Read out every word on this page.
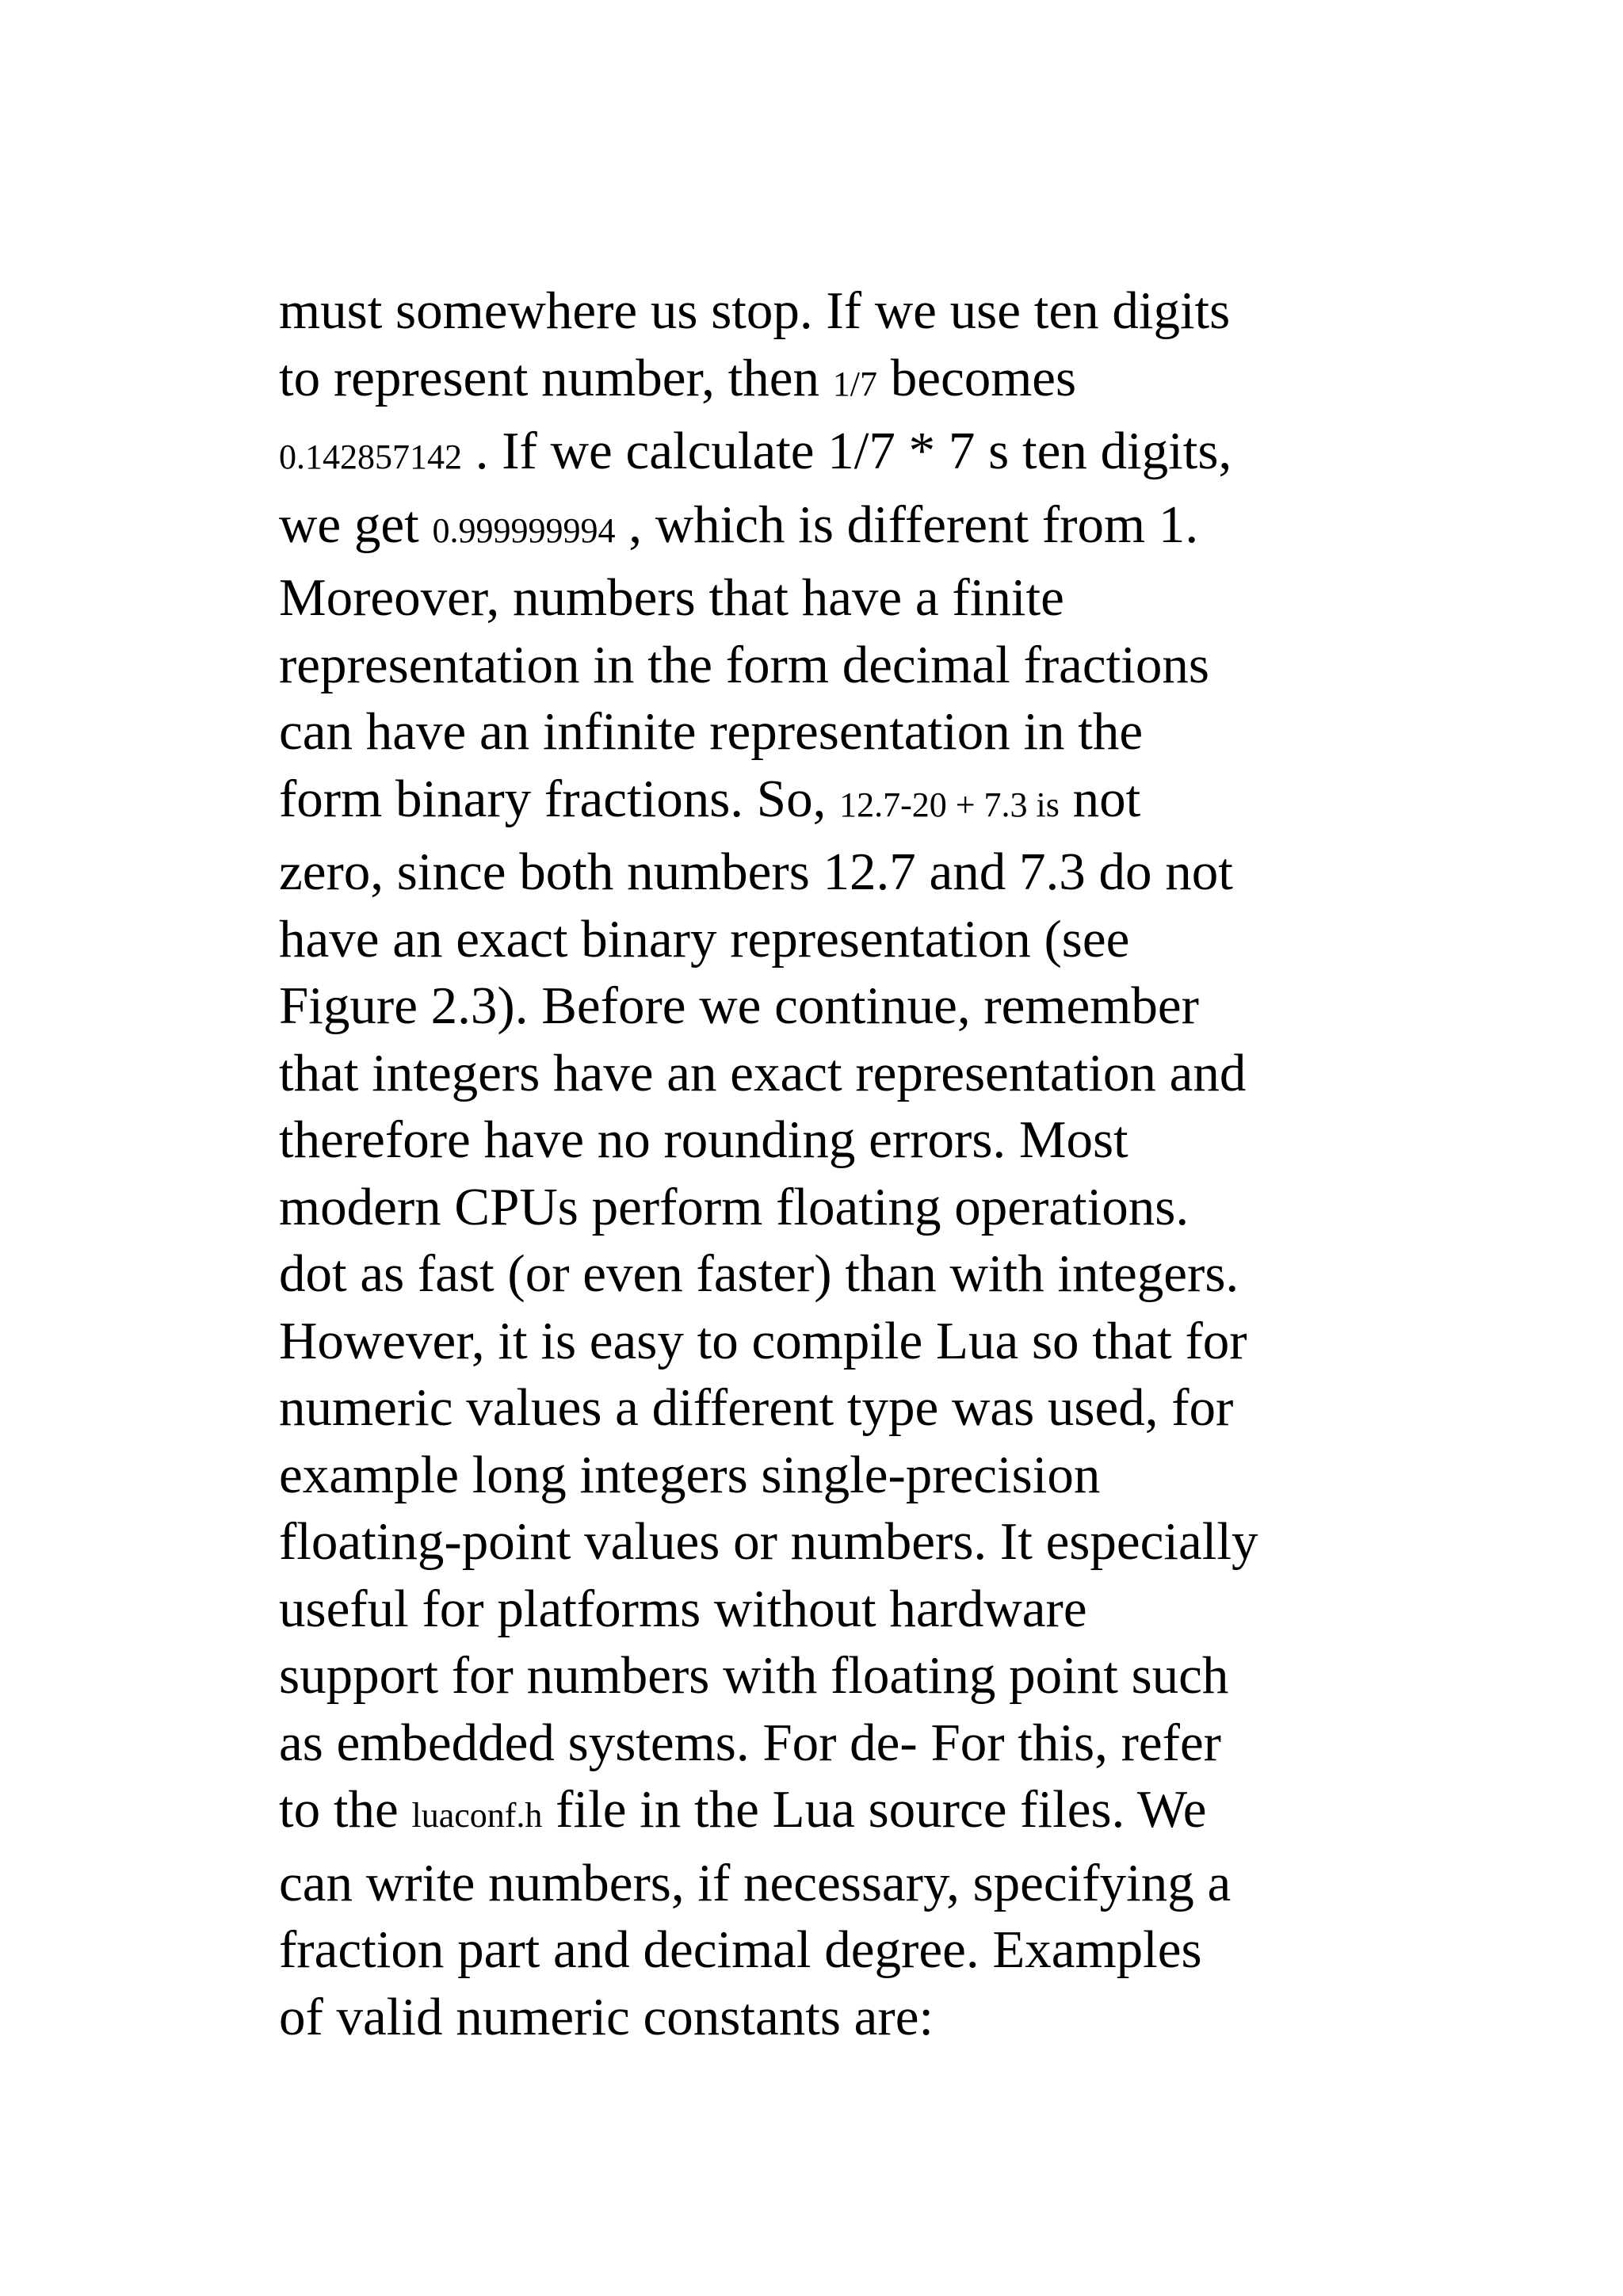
must somewhere us stop. If we use ten digits
to represent number, then 1/7 becomes
0.142857142 . If we calculate 1/7 * 7 s ten digits,
we get 0.999999994 , which is different from 1.
Moreover, numbers that have a finite
representation in the form decimal fractions
can have an infinite representation in the
form binary fractions. So, 12.7-20 + 7.3 is not
zero, since both numbers 12.7 and 7.3 do not
have an exact binary representation (see
Figure 2.3). Before we continue, remember
that integers have an exact representation and
therefore have no rounding errors. Most
modern CPUs perform floating operations.
dot as fast (or even faster) than with integers.
However, it is easy to compile Lua so that for
numeric values a different type was used, for
example long integers single-precision
floating-point values or numbers. It especially
useful for platforms without hardware
support for numbers with floating point such
as embedded systems. For de- For this, refer
to the luaconf.h file in the Lua source files. We
can write numbers, if necessary, specifying a
fraction part and decimal degree. Examples
of valid numeric constants are:
